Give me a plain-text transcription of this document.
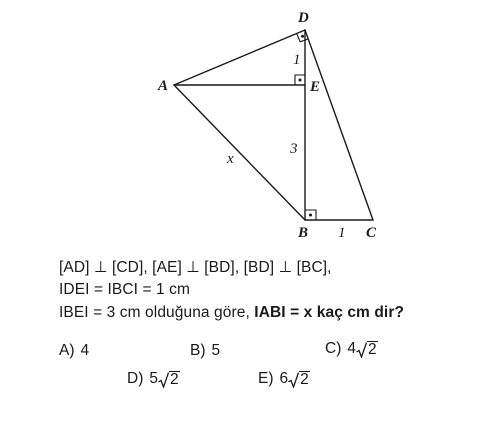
D
A	E
B	C
1
3
1
x
[AD] ⊥ [CD], [AE] ⊥ [BD], [BD] ⊥ [BC],
IDEI = IBCI = 1 cm
IBEI = 3 cm olduğuna göre, IABI = x kaç cm dir?
A) 4	B) 5	C) 4 2
D) 5 2	E) 6 2
